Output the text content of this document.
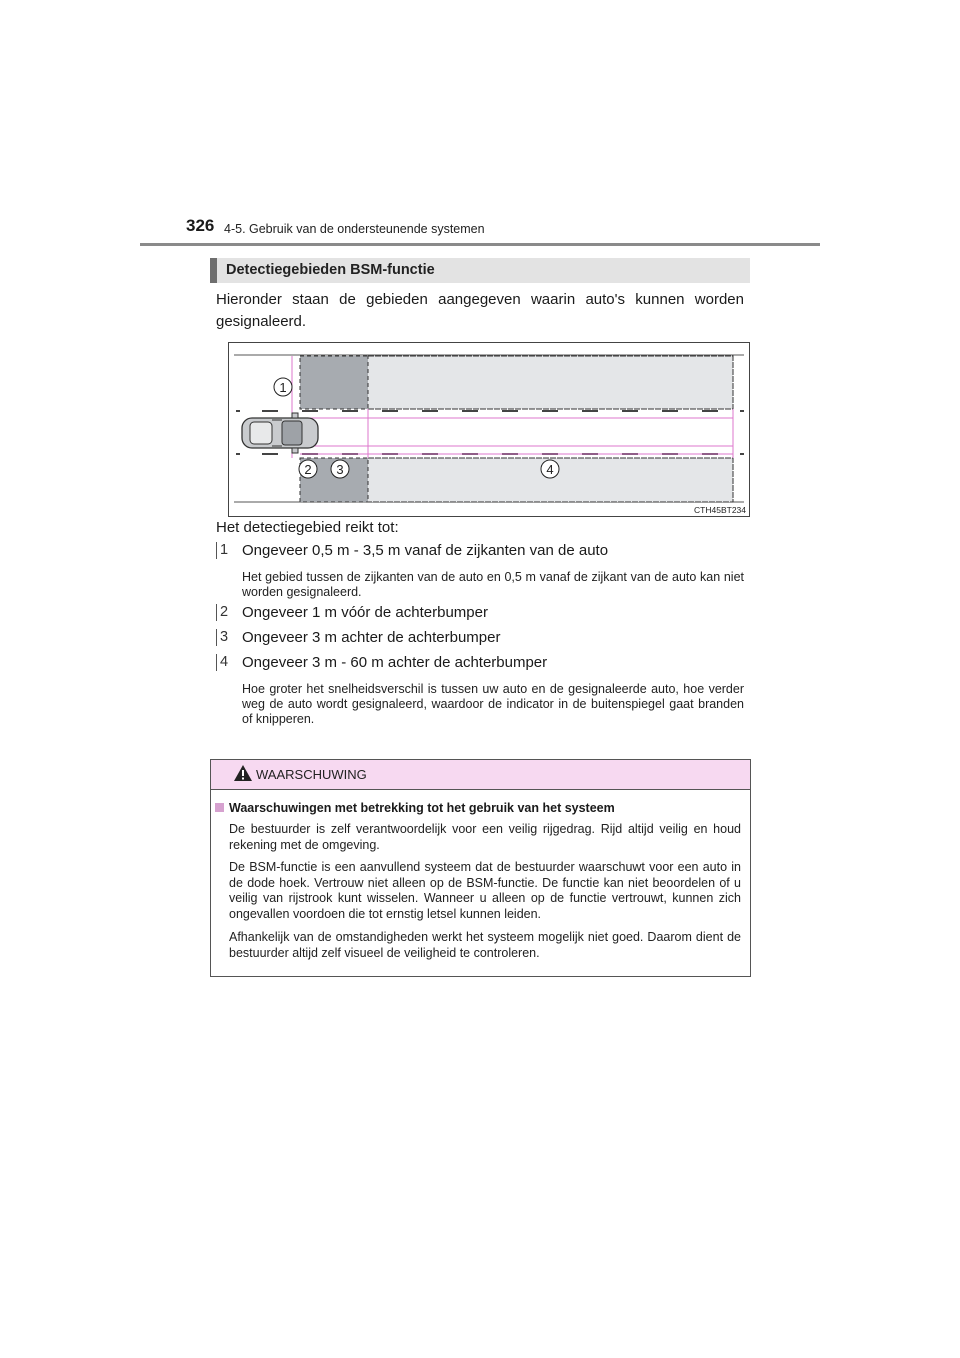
326 4-5. Gebruik van de ondersteunende systemen
Detectiegebieden BSM-functie
Hieronder staan de gebieden aangegeven waarin auto's kunnen worden gesignaleerd.
1
2 3	4
CTH45BT234
Het detectiegebied reikt tot:
1 Ongeveer 0,5 m - 3,5 m vanaf de zijkanten van de auto
Het gebied tussen de zijkanten van de auto en 0,5 m vanaf de zijkant van de auto kan niet worden gesignaleerd.
2 Ongeveer 1 m vóór de achterbumper
3 Ongeveer 3 m achter de achterbumper
4 Ongeveer 3 m - 60 m achter de achterbumper
Hoe groter het snelheidsverschil is tussen uw auto en de gesignaleerde auto, hoe verder weg de auto wordt gesignaleerd, waardoor de indicator in de buitenspiegel gaat branden of knipperen.
WAARSCHUWING
Waarschuwingen met betrekking tot het gebruik van het systeem
De bestuurder is zelf verantwoordelijk voor een veilig rijgedrag. Rijd altijd veilig en houd rekening met de omgeving.
De BSM-functie is een aanvullend systeem dat de bestuurder waarschuwt voor een auto in de dode hoek. Vertrouw niet alleen op de BSM-functie. De functie kan niet beoordelen of u veilig van rijstrook kunt wisselen. Wanneer u alleen op de functie vertrouwt, kunnen zich ongevallen voordoen die tot ernstig letsel kunnen leiden.
Afhankelijk van de omstandigheden werkt het systeem mogelijk niet goed. Daarom dient de bestuurder altijd zelf visueel de veiligheid te controleren.
